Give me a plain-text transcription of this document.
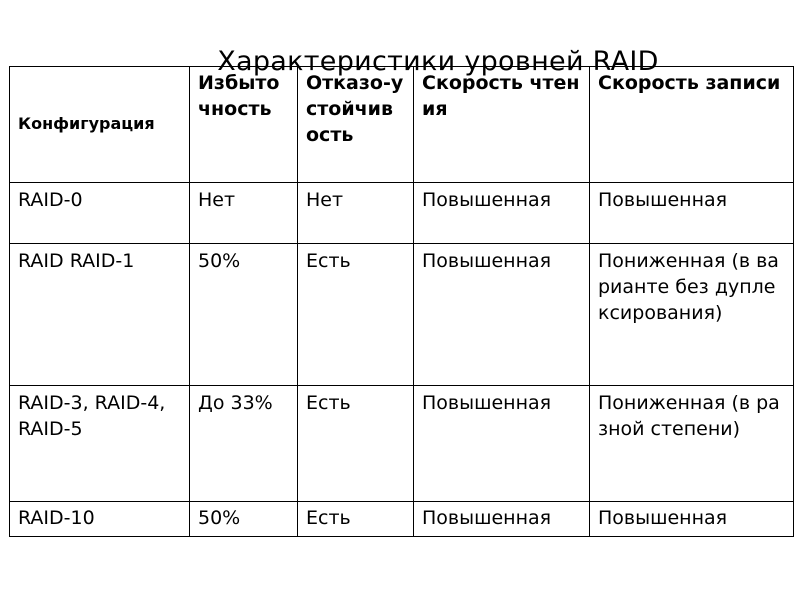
Характеристики уровней RAID
Конфигурация	Избыточность	Отказо-устойчивость	Скорость чтения	Скорость записи
RAID-0	Нет	Нет	Повышенная	Повышенная
RAID RAID-1	50%	Есть	Повышенная	Пониженная (в варианте без дуплексирования)
RAID-3, RAID-4, RAID-5	До 33%	Есть	Повышенная	Пониженная (в разной степени)
RAID-10	50%	Есть	Повышенная	Повышенная
